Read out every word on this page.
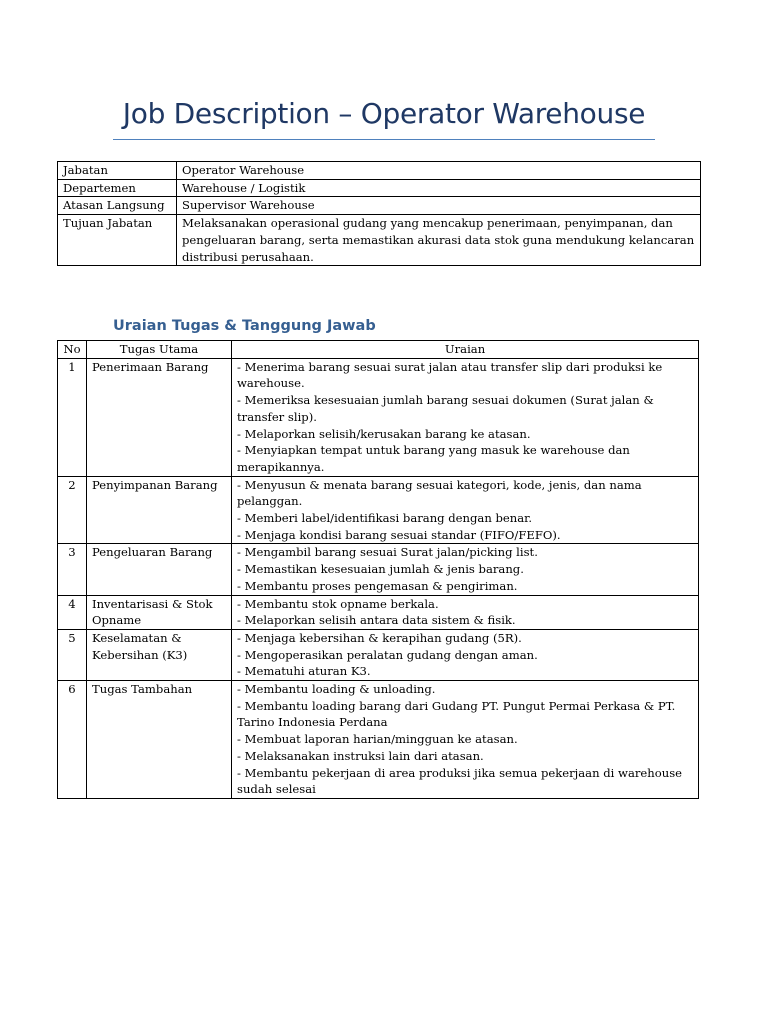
Job Description – Operator Warehouse
Jabatan	Operator Warehouse
Departemen	Warehouse / Logistik
Atasan Langsung	Supervisor Warehouse
Tujuan Jabatan	Melaksanakan operasional gudang yang mencakup penerimaan, penyimpanan, dan pengeluaran barang, serta memastikan akurasi data stok guna mendukung kelancaran distribusi perusahaan.
Uraian Tugas & Tanggung Jawab
No	Tugas Utama	Uraian
1	Penerimaan Barang	- Menerima barang sesuai surat jalan atau transfer slip dari produksi ke warehouse.
- Memeriksa kesesuaian jumlah barang sesuai dokumen (Surat jalan & transfer slip).
- Melaporkan selisih/kerusakan barang ke atasan.
- Menyiapkan tempat untuk barang yang masuk ke warehouse dan merapikannya.

2	Penyimpanan Barang	- Menyusun & menata barang sesuai kategori, kode, jenis, dan nama pelanggan.
- Memberi label/identifikasi barang dengan benar.
- Menjaga kondisi barang sesuai standar (FIFO/FEFO).

3	Pengeluaran Barang	- Mengambil barang sesuai Surat jalan/picking list.
- Memastikan kesesuaian jumlah & jenis barang.
- Membantu proses pengemasan & pengiriman.

4	Inventarisasi & Stok Opname	- Membantu stok opname berkala.
- Melaporkan selisih antara data sistem & fisik.

5	Keselamatan & Kebersihan (K3)	- Menjaga kebersihan & kerapihan gudang (5R).
- Mengoperasikan peralatan gudang dengan aman.
- Mematuhi aturan K3.

6	Tugas Tambahan	- Membantu loading & unloading.
- Membantu loading barang dari Gudang PT. Pungut Permai Perkasa & PT. Tarino Indonesia Perdana
- Membuat laporan harian/mingguan ke atasan.
- Melaksanakan instruksi lain dari atasan.
- Membantu pekerjaan di area produksi jika semua pekerjaan di warehouse sudah selesai
